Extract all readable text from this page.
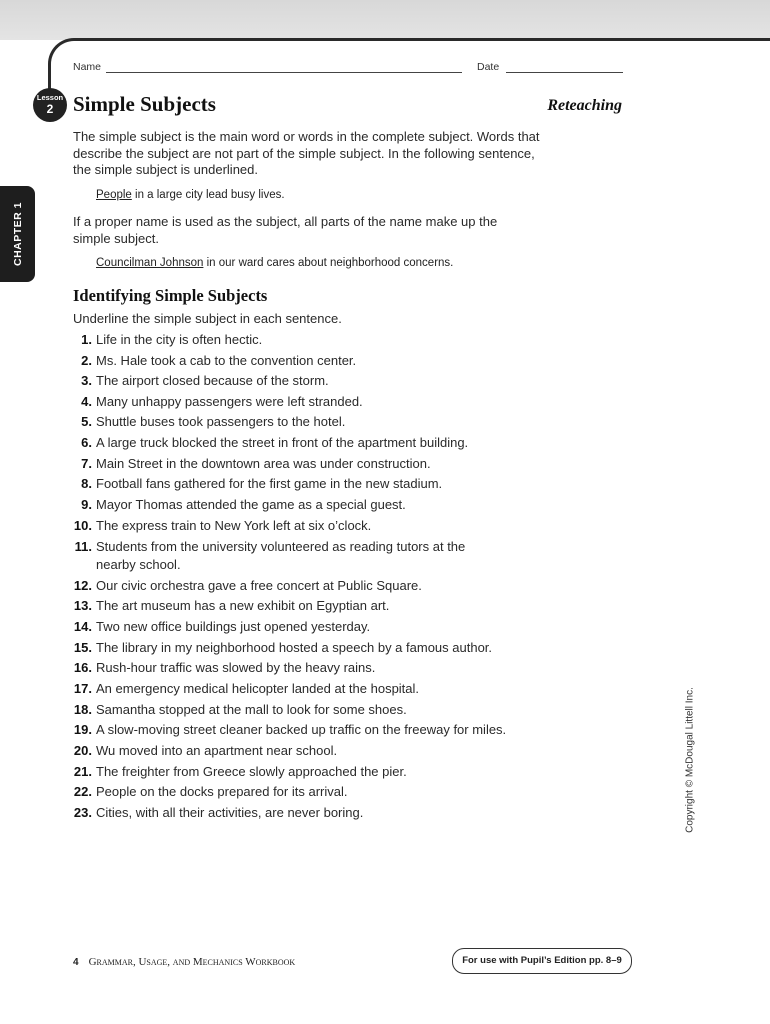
Name	Date
Lesson
2 Simple Subjects	Reteaching
CHAPTER 1
The simple subject is the main word or words in the complete subject. Words that
describe the subject are not part of the simple subject. In the following sentence,
the simple subject is underlined.
People in a large city lead busy lives.
If a proper name is used as the subject, all parts of the name make up the
simple subject.
Councilman Johnson in our ward cares about neighborhood concerns.
Identifying Simple Subjects
Underline the simple subject in each sentence.
1. Life in the city is often hectic.
2. Ms. Hale took a cab to the convention center.
3. The airport closed because of the storm.
4. Many unhappy passengers were left stranded.
5. Shuttle buses took passengers to the hotel.
6. A large truck blocked the street in front of the apartment building.
7. Main Street in the downtown area was under construction.
8. Football fans gathered for the first game in the new stadium.
9. Mayor Thomas attended the game as a special guest.
10. The express train to New York left at six o’clock.
11. Students from the university volunteered as reading tutors at the
nearby school.
12. Our civic orchestra gave a free concert at Public Square.
13. The art museum has a new exhibit on Egyptian art.
14. Two new office buildings just opened yesterday.
15. The library in my neighborhood hosted a speech by a famous author.
16. Rush-hour traffic was slowed by the heavy rains.
17. An emergency medical helicopter landed at the hospital.
18. Samantha stopped at the mall to look for some shoes.
19. A slow-moving street cleaner backed up traffic on the freeway for miles.
20. Wu moved into an apartment near school.
21. The freighter from Greece slowly approached the pier.
22. People on the docks prepared for its arrival.
23. Cities, with all their activities, are never boring.	Copyright © McDougal Littell Inc.
4 Grammar, Usage, and Mechanics Workbook	For use with Pupil’s Edition pp. 8–9
